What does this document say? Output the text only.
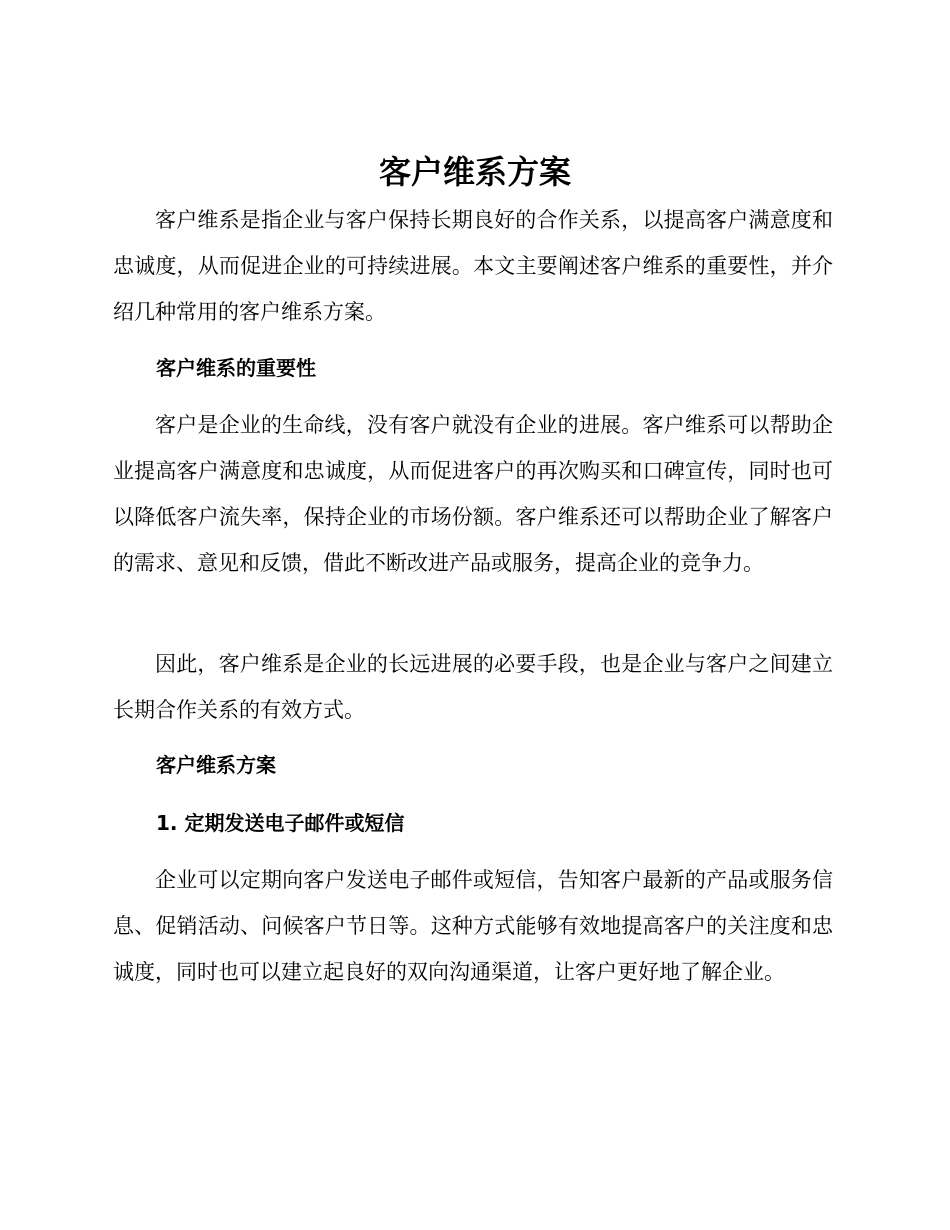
客户维系方案

客户维系是指企业与客户保持长期良好的合作关系，以提高客户满意度和忠诚度，从而促进企业的可持续进展。本文主要阐述客户维系的重要性，并介绍几种常用的客户维系方案。

客户维系的重要性

客户是企业的生命线，没有客户就没有企业的进展。客户维系可以帮助企业提高客户满意度和忠诚度，从而促进客户的再次购买和口碑宣传，同时也可以降低客户流失率，保持企业的市场份额。客户维系还可以帮助企业了解客户的需求、意见和反馈，借此不断改进产品或服务，提高企业的竞争力。

因此，客户维系是企业的长远进展的必要手段，也是企业与客户之间建立长期合作关系的有效方式。

客户维系方案
1. 定期发送电子邮件或短信

企业可以定期向客户发送电子邮件或短信，告知客户最新的产品或服务信息、促销活动、问候客户节日等。这种方式能够有效地提高客户的关注度和忠诚度，同时也可以建立起良好的双向沟通渠道，让客户更好地了解企业。
